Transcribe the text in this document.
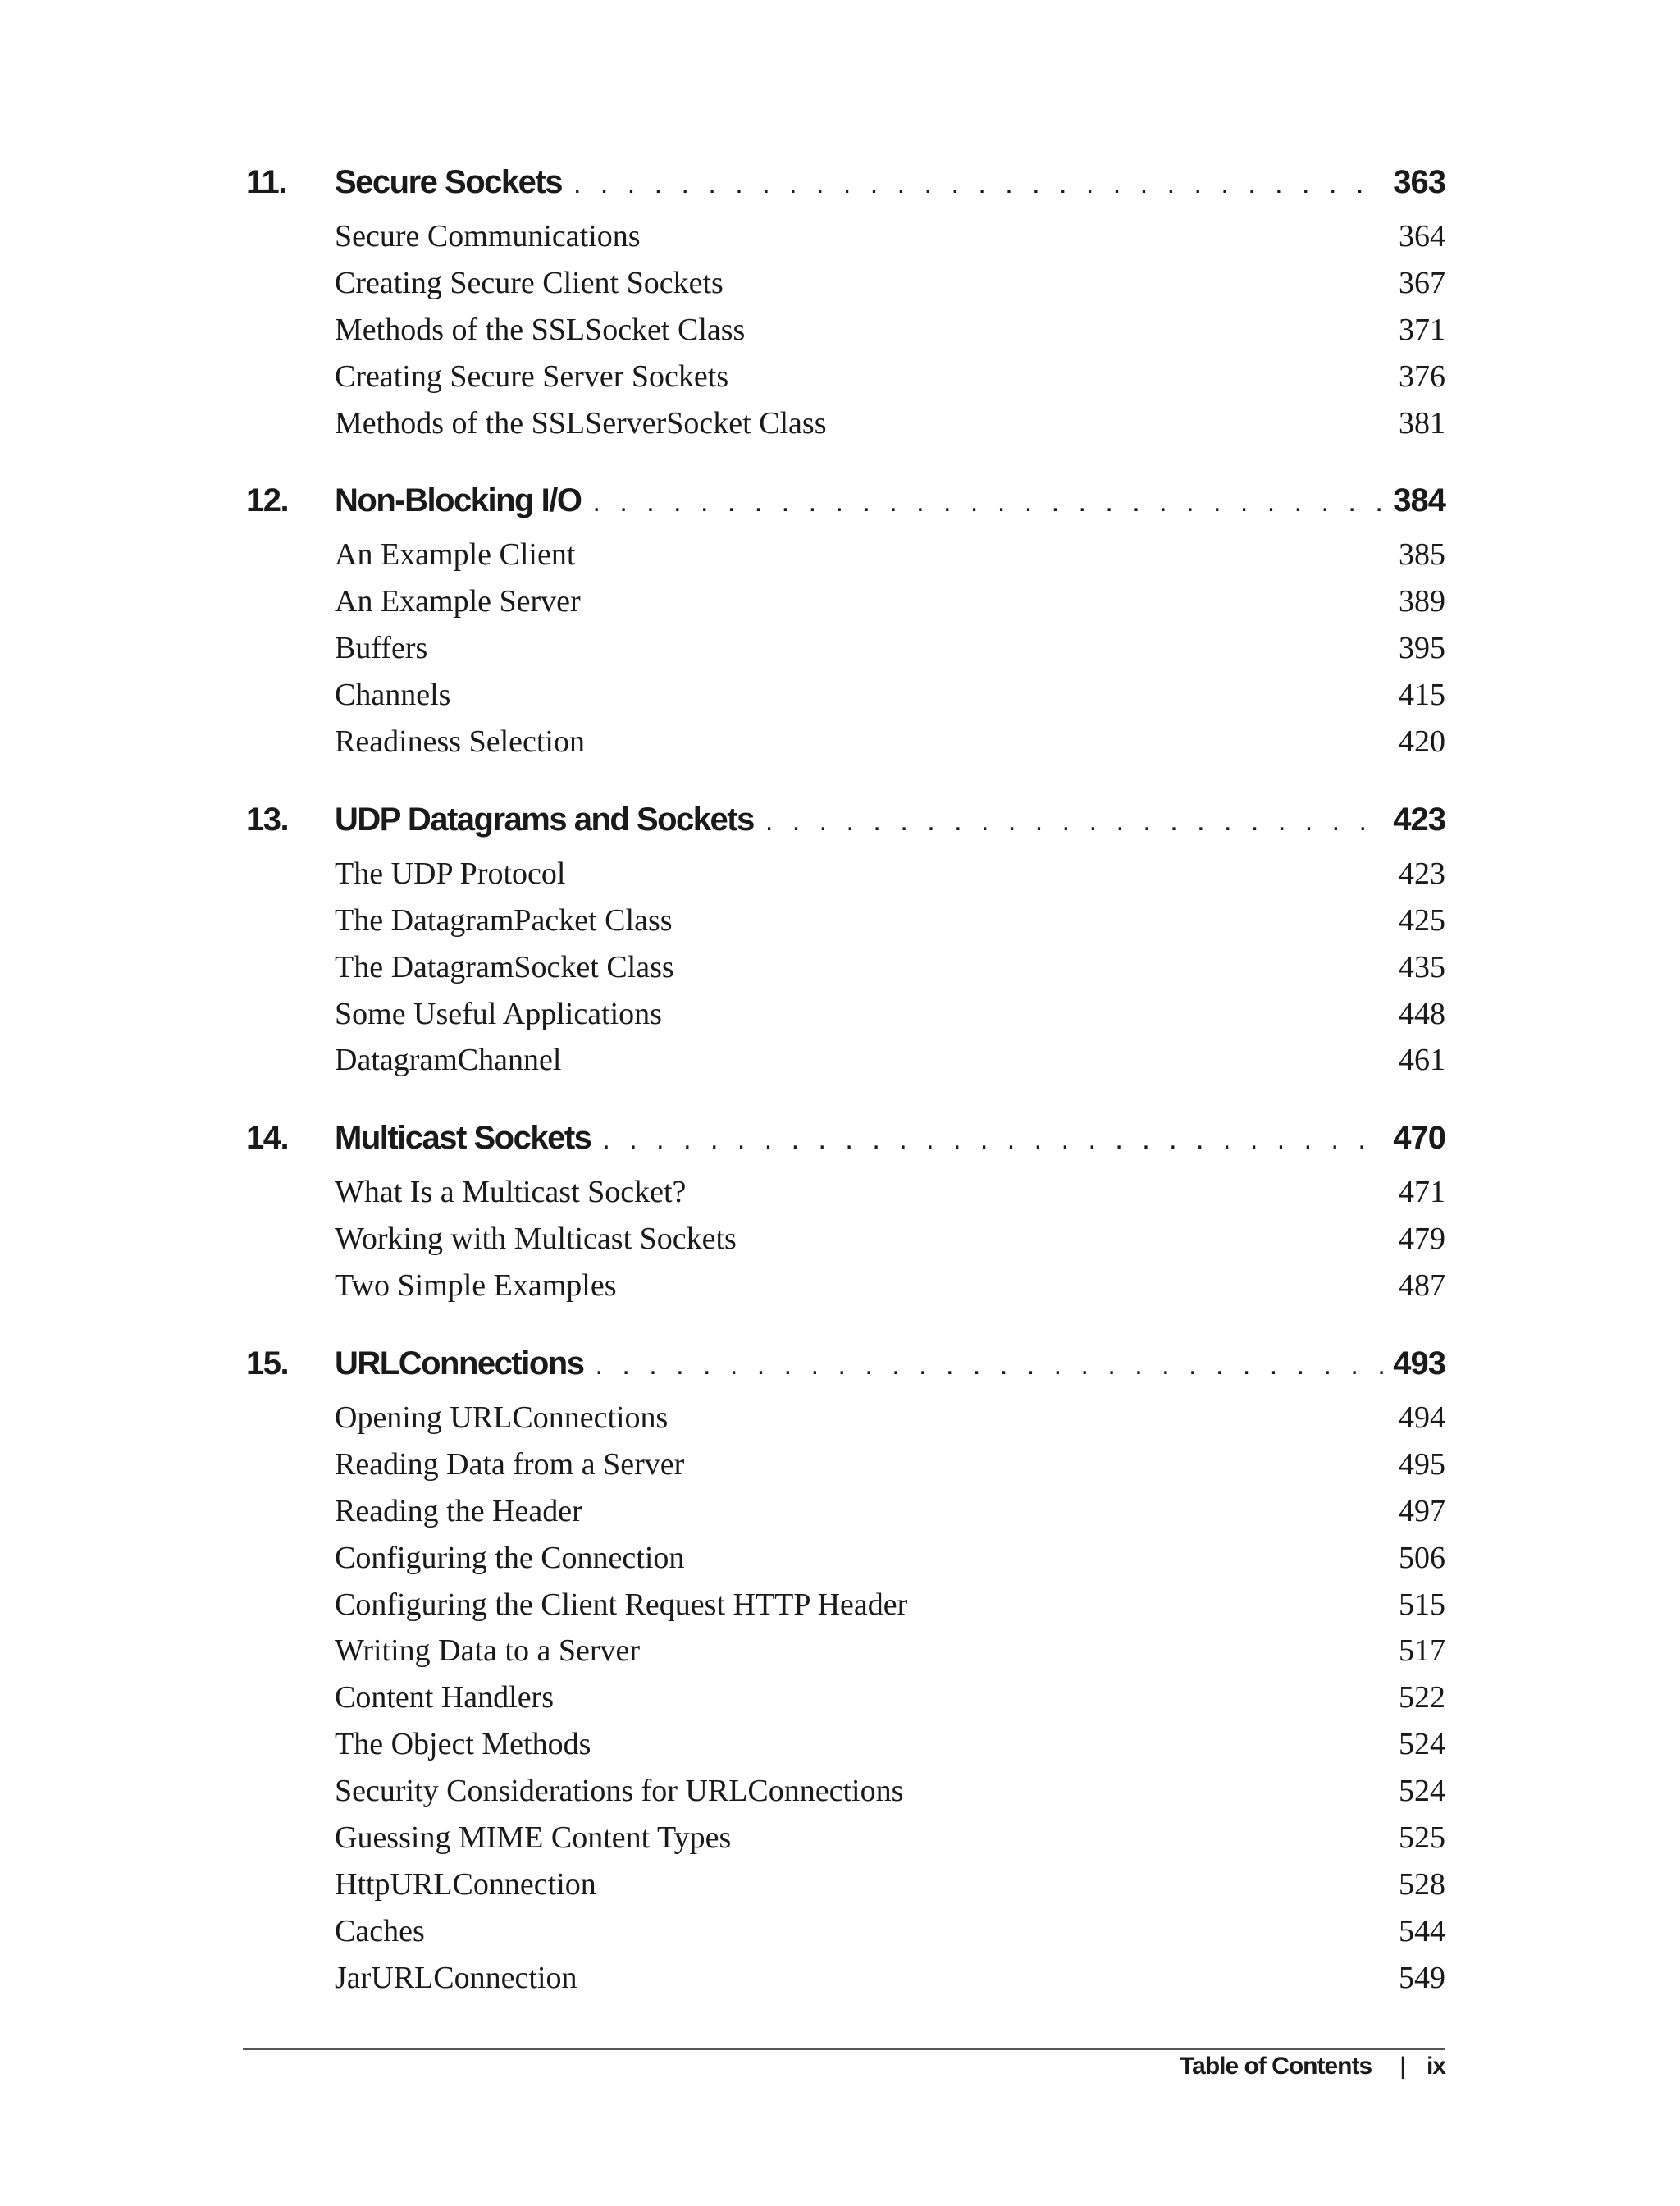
11.	Secure Sockets . . .	363
Secure Communications	364
Creating Secure Client Sockets	367
Methods of the SSLSocket Class	371
Creating Secure Server Sockets	376
Methods of the SSLServerSocket Class	381
12.	Non-Blocking I/O . . .	384
An Example Client	385
An Example Server	389
Buffers	395
Channels	415
Readiness Selection	420
13.	UDP Datagrams and Sockets . . .	423
The UDP Protocol	423
The DatagramPacket Class	425
The DatagramSocket Class	435
Some Useful Applications	448
DatagramChannel	461
14.	Multicast Sockets . . .	470
What Is a Multicast Socket?	471
Working with Multicast Sockets	479
Two Simple Examples	487
15.	URLConnections . . .	493
Opening URLConnections	494
Reading Data from a Server	495
Reading the Header	497
Configuring the Connection	506
Configuring the Client Request HTTP Header	515
Writing Data to a Server	517
Content Handlers	522
The Object Methods	524
Security Considerations for URLConnections	524
Guessing MIME Content Types	525
HttpURLConnection	528
Caches	544
JarURLConnection	549
Table of Contents | ix
